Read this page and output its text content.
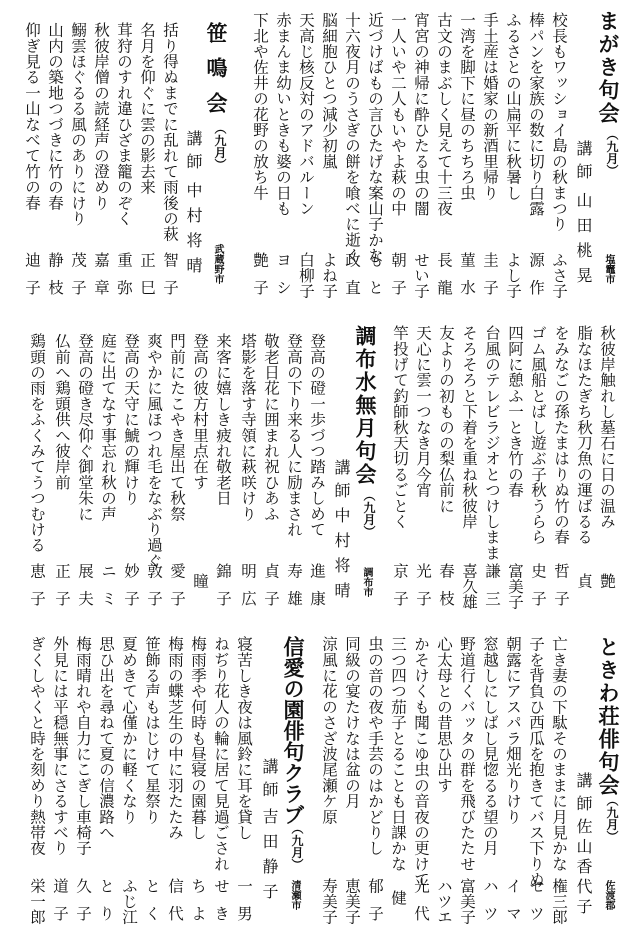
まがき句会
（九月）
講師
山田桃晃 塩竈市
校長もワッショイ島の秋まつり
ふさ子
棒パンを家族の数に切り白露
源作
ふるさとの山扁平に秋暑し
よし子
手土産は婚家の新酒里帰り
圭子
一湾を脚下に昼のちちろ虫
菫水
古文のまぶしく見えて十三夜
長龍
宵宮の神帰に酔ひたる虫の闇
せい子
一人いや二人もいやよ萩の中
朝子
近づけばもの言ひたげな案山子かな
もと
十六夜月のうさぎの餅を喰べに逝く
政直
脳細胞ひとつ減少初嵐
よね子
天高じ核反対のアドバルーン
白柳子
赤まんま幼いときも婆の日も
ヨシ
下北や佐井の花野の放ち牛
艶子
笹鳴会
（九月）
講師
中村将晴 武蔵野市
括り得ぬまでに乱れて雨後の萩
智子
名月を仰ぐに雲の影去来
正巳
茸狩のすれ違ひざま籠のぞく
重弥
秋彼岸僧の読経声の澄めり
嘉章
鰯雲ほぐるる風のありにけり
茂子
山内の築地つづきに竹の春
静枝
仰ぎ見る一山なべて竹の春
迪子
秋彼岸触れし墓石に日の温み
艶
脂なほたぎち秋刀魚の運ばるる
貞
をみなごの孫たまはりぬ竹の春
哲子
ゴム風船とばし遊ぶ子秋うらら
史子
四阿に憩ふ一とき竹の春
富美子
台風のテレビラジオとつけしまま
謙三
そろそろと下着を重ね秋彼岸
喜久雄
友よりの初ものの梨仏前に
春枝
天心に雲一つなき月今宵
光子
竿投げて釣師秋天切るごとく
京子
調布水無月句会
（九月）
講師
中村将晴 調布市
登高の磴一歩づつ踏みしめて
進康
登高の下り来る人に励まされ
寿雄
敬老日花に囲まれ祝ひあふ
貞子
塔影を落す寺領に萩咲けり
明広
来客に嬉しき疲れ敬老日
錦子
登高の彼方村里点在す
瞳
門前にたこやき屋出て秋祭
愛子
爽やかに風ほつれ毛をなぶり過ぐ
敦子
登高の天守に鯱の輝けり
妙子
庭に出てなす事忘れ秋の声
ニミ
登高の磴き尽仰ぐ御堂朱に
展夫
仏前へ鶏頭供へ彼岸前
正子
鶏頭の雨をふくみてうつむける
恵子
ときわ荘俳句会
（九月）
講師
佐山香代子 佐渡郡
亡き妻の下駄そのままに月見かな
権三郎
子を背負ひ西瓜を抱きてバス下りぬ
セツ
朝露にアスパラ畑光りけり
イマ
窓越しにしばし見惚るる望の月
ハツ
野道行くバッタの群を飛びたたせ
富美子
心太母との昔思ひ出す
ハツエ
かそけくも聞こゆ虫の音夜の更けて
光代
三つ四つ茄子とることも日課かな
健
虫の音の夜や手芸のはかどりし
郁子
同級の宴たけなは盆の月
恵美子
涼風に花のさざ波尾瀬ケ原
寿美子
信愛の園俳句クラブ
（九月）
講師
吉田静子 清瀬市
寝苦しき夜は風鈴に耳を貸し
一男
ねぢり花人の輪に居て見過ごされ
せき
梅雨季や何時も昼寝の園暮し
ちよ
梅雨の蝶芝生の中に羽たたみ
信代
笹飾る声もはじけて星祭り
とく
夏めきて心僅かに軽くなり
ふじ江
思ひ出を尋ねて夏の信濃路へ
とり
梅雨晴れや自力にこぎし車椅子
久子
外見には平穏無事にさるすべり
道子
ぎくしやくと時を刻めり熱帯夜
栄一郎
